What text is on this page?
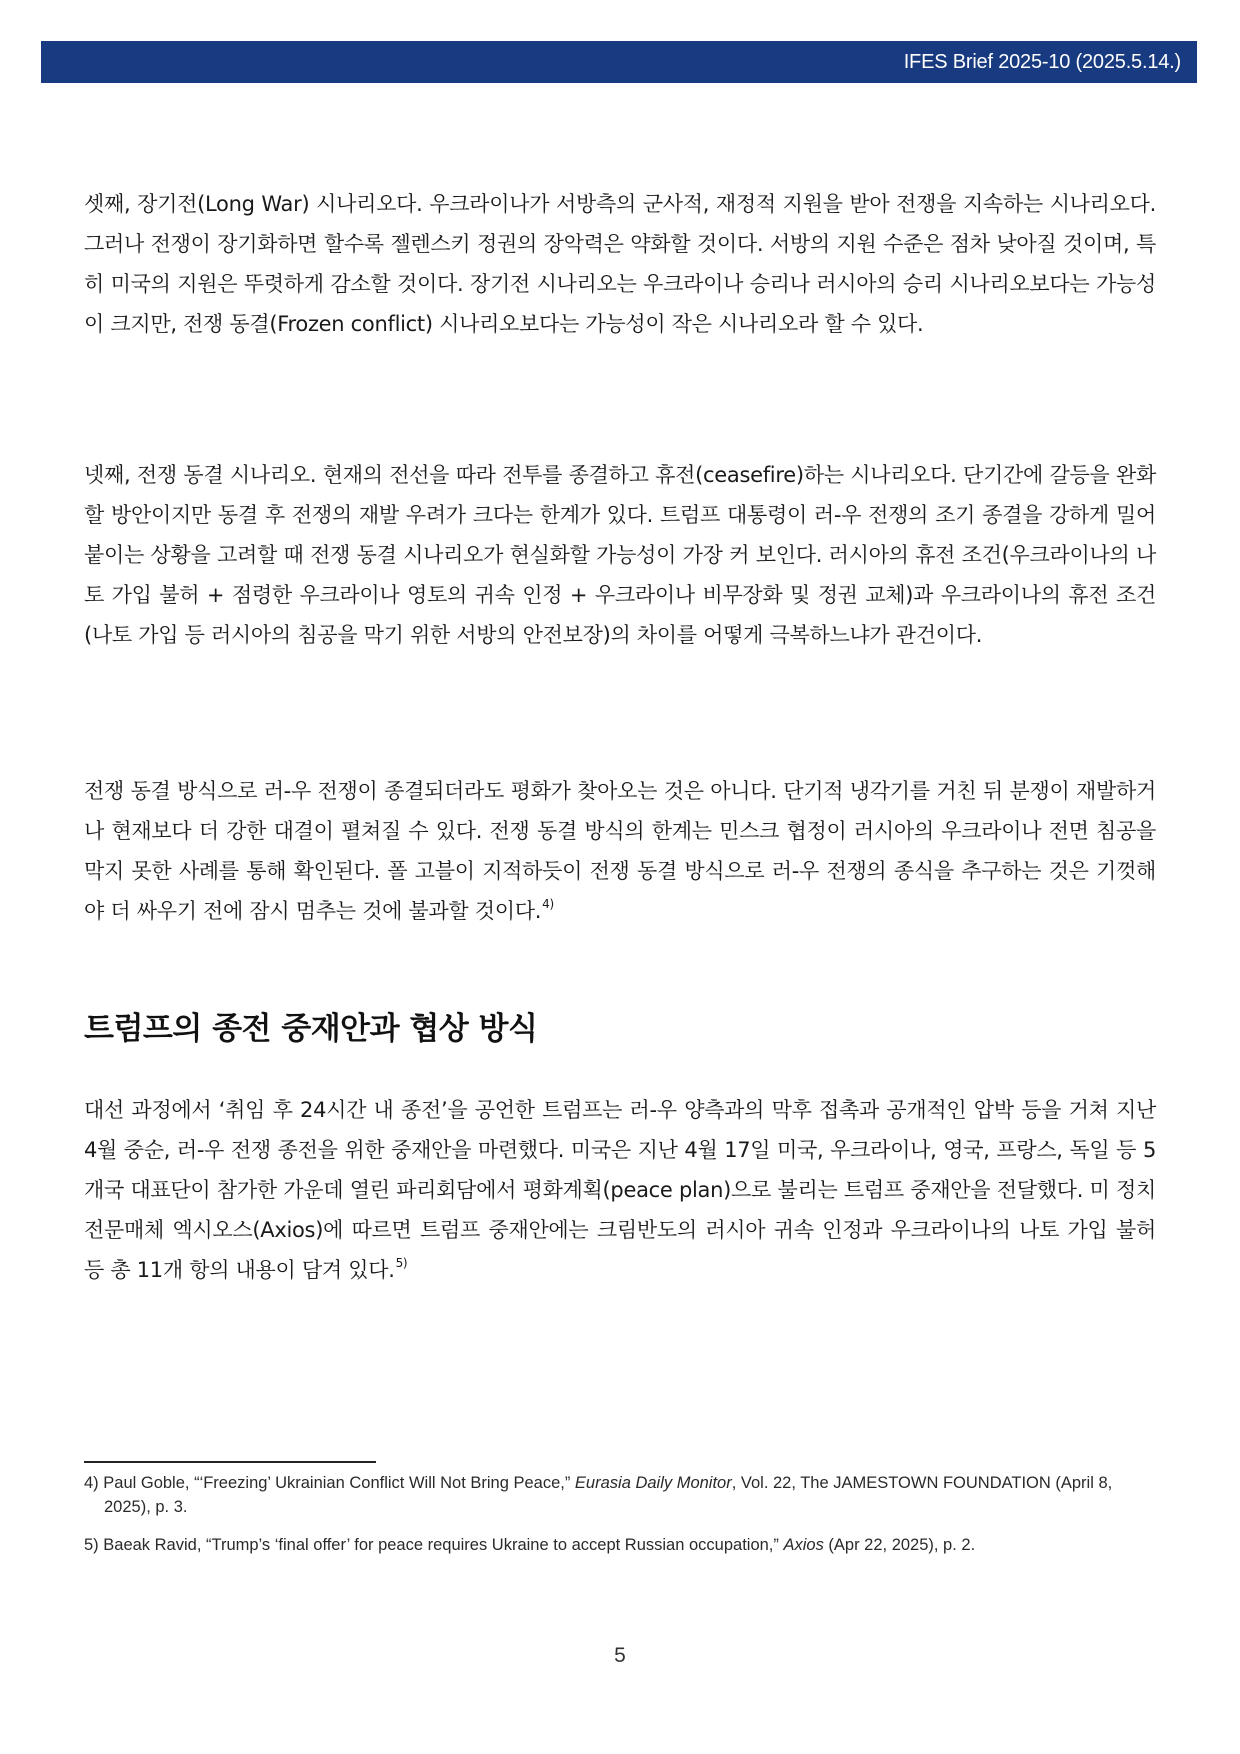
IFES Brief 2025-10 (2025.5.14.)

셋째, 장기전(Long War) 시나리오다. 우크라이나가 서방측의 군사적, 재정적 지원을 받아 전쟁을 지속하는 시나리오다. 그러나 전쟁이 장기화하면 할수록 젤렌스키 정권의 장악력은 약화할 것이다. 서방의 지원 수준은 점차 낮아질 것이며, 특히 미국의 지원은 뚜렷하게 감소할 것이다. 장기전 시나리오는 우크라이나 승리나 러시아의 승리 시나리오보다는 가능성이 크지만, 전쟁 동결(Frozen conflict) 시나리오보다는 가능성이 작은 시나리오라 할 수 있다.

넷째, 전쟁 동결 시나리오. 현재의 전선을 따라 전투를 종결하고 휴전(ceasefire)하는 시나리오다. 단기간에 갈등을 완화할 방안이지만 동결 후 전쟁의 재발 우려가 크다는 한계가 있다. 트럼프 대통령이 러-우 전쟁의 조기 종결을 강하게 밀어붙이는 상황을 고려할 때 전쟁 동결 시나리오가 현실화할 가능성이 가장 커 보인다. 러시아의 휴전 조건(우크라이나의 나토 가입 불허 + 점령한 우크라이나 영토의 귀속 인정 + 우크라이나 비무장화 및 정권 교체)과 우크라이나의 휴전 조건(나토 가입 등 러시아의 침공을 막기 위한 서방의 안전보장)의 차이를 어떻게 극복하느냐가 관건이다.

전쟁 동결 방식으로 러-우 전쟁이 종결되더라도 평화가 찾아오는 것은 아니다. 단기적 냉각기를 거친 뒤 분쟁이 재발하거나 현재보다 더 강한 대결이 펼쳐질 수 있다. 전쟁 동결 방식의 한계는 민스크 협정이 러시아의 우크라이나 전면 침공을 막지 못한 사례를 통해 확인된다. 폴 고블이 지적하듯이 전쟁 동결 방식으로 러-우 전쟁의 종식을 추구하는 것은 기껏해야 더 싸우기 전에 잠시 멈추는 것에 불과할 것이다.$^{4)}$

트럼프의 종전 중재안과 협상 방식

대선 과정에서 ‘취임 후 24시간 내 종전’을 공언한 트럼프는 러-우 양측과의 막후 접촉과 공개적인 압박 등을 거쳐 지난 4월 중순, 러-우 전쟁 종전을 위한 중재안을 마련했다. 미국은 지난 4월 17일 미국, 우크라이나, 영국, 프랑스, 독일 등 5개국 대표단이 참가한 가운데 열린 파리회담에서 평화계획(peace plan)으로 불리는 트럼프 중재안을 전달했다. 미 정치 전문매체 엑시오스(Axios)에 따르면 트럼프 중재안에는 크림반도의 러시아 귀속 인정과 우크라이나의 나토 가입 불허 등 총 11개 항의 내용이 담겨 있다.$^{5)}$

4) Paul Goble, “‘Freezing’ Ukrainian Conflict Will Not Bring Peace,” Eurasia Daily Monitor, Vol. 22, The JAMESTOWN FOUNDATION (April 8, 2025), p. 3.

5) Baeak Ravid, “Trump’s ‘final offer’ for peace requires Ukraine to accept Russian occupation,” Axios (Apr 22, 2025), p. 2.

5
